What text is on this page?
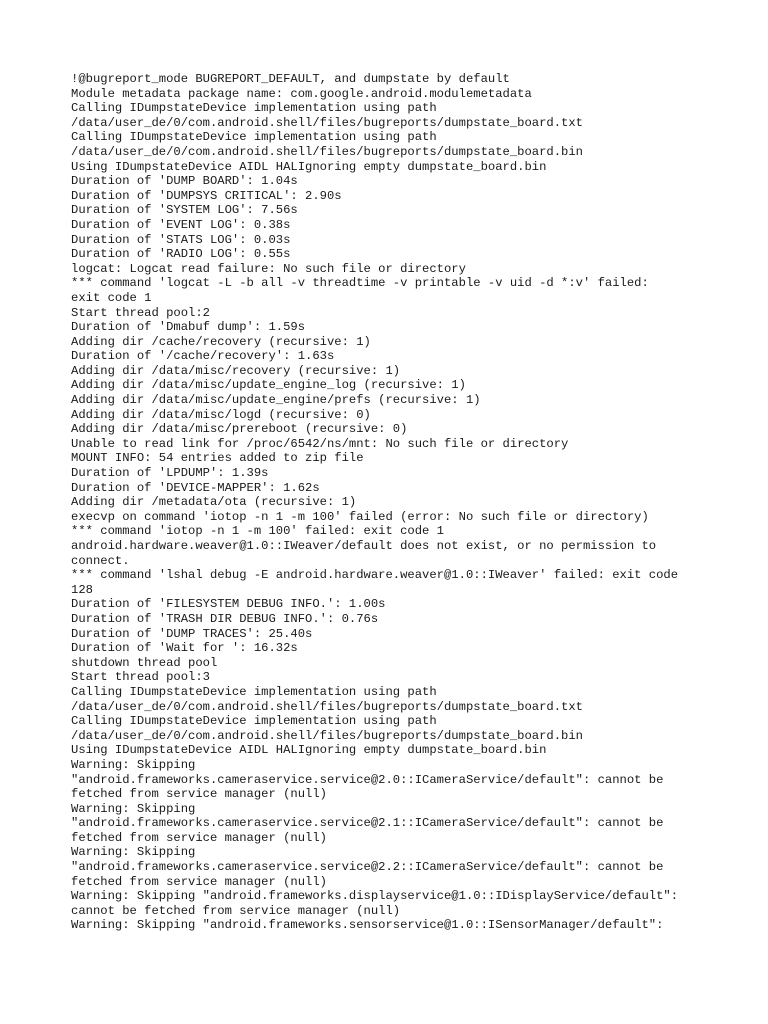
!@bugreport_mode BUGREPORT_DEFAULT, and dumpstate by default
Module metadata package name: com.google.android.modulemetadata
Calling IDumpstateDevice implementation using path
/data/user_de/0/com.android.shell/files/bugreports/dumpstate_board.txt
Calling IDumpstateDevice implementation using path
/data/user_de/0/com.android.shell/files/bugreports/dumpstate_board.bin
Using IDumpstateDevice AIDL HALIgnoring empty dumpstate_board.bin
Duration of 'DUMP BOARD': 1.04s
Duration of 'DUMPSYS CRITICAL': 2.90s
Duration of 'SYSTEM LOG': 7.56s
Duration of 'EVENT LOG': 0.38s
Duration of 'STATS LOG': 0.03s
Duration of 'RADIO LOG': 0.55s
logcat: Logcat read failure: No such file or directory
*** command 'logcat -L -b all -v threadtime -v printable -v uid -d *:v' failed:
exit code 1
Start thread pool:2
Duration of 'Dmabuf dump': 1.59s
Adding dir /cache/recovery (recursive: 1)
Duration of '/cache/recovery': 1.63s
Adding dir /data/misc/recovery (recursive: 1)
Adding dir /data/misc/update_engine_log (recursive: 1)
Adding dir /data/misc/update_engine/prefs (recursive: 1)
Adding dir /data/misc/logd (recursive: 0)
Adding dir /data/misc/prereboot (recursive: 0)
Unable to read link for /proc/6542/ns/mnt: No such file or directory
MOUNT INFO: 54 entries added to zip file
Duration of 'LPDUMP': 1.39s
Duration of 'DEVICE-MAPPER': 1.62s
Adding dir /metadata/ota (recursive: 1)
execvp on command 'iotop -n 1 -m 100' failed (error: No such file or directory)
*** command 'iotop -n 1 -m 100' failed: exit code 1
android.hardware.weaver@1.0::IWeaver/default does not exist, or no permission to
connect.
*** command 'lshal debug -E android.hardware.weaver@1.0::IWeaver' failed: exit code
128
Duration of 'FILESYSTEM DEBUG INFO.': 1.00s
Duration of 'TRASH DIR DEBUG INFO.': 0.76s
Duration of 'DUMP TRACES': 25.40s
Duration of 'Wait for ': 16.32s
shutdown thread pool
Start thread pool:3
Calling IDumpstateDevice implementation using path
/data/user_de/0/com.android.shell/files/bugreports/dumpstate_board.txt
Calling IDumpstateDevice implementation using path
/data/user_de/0/com.android.shell/files/bugreports/dumpstate_board.bin
Using IDumpstateDevice AIDL HALIgnoring empty dumpstate_board.bin
Warning: Skipping
"android.frameworks.cameraservice.service@2.0::ICameraService/default": cannot be
fetched from service manager (null)
Warning: Skipping
"android.frameworks.cameraservice.service@2.1::ICameraService/default": cannot be
fetched from service manager (null)
Warning: Skipping
"android.frameworks.cameraservice.service@2.2::ICameraService/default": cannot be
fetched from service manager (null)
Warning: Skipping "android.frameworks.displayservice@1.0::IDisplayService/default":
cannot be fetched from service manager (null)
Warning: Skipping "android.frameworks.sensorservice@1.0::ISensorManager/default":
